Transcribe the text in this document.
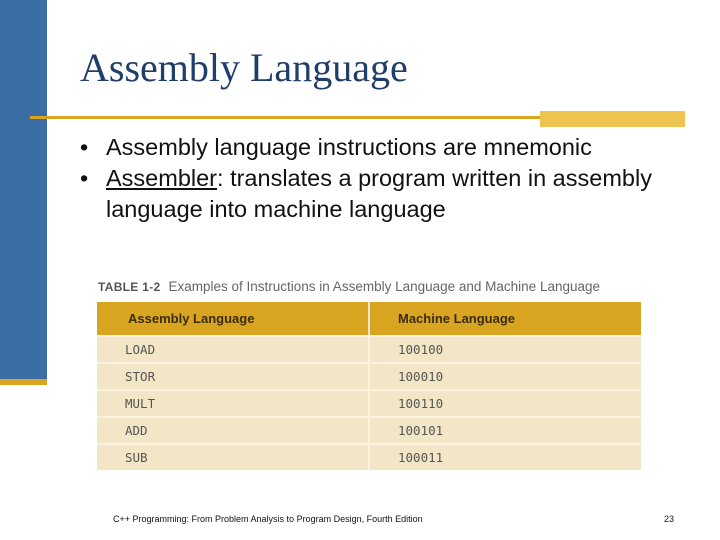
Assembly Language
• Assembly language instructions are mnemonic
• Assembler: translates a program written in assembly language into machine language
TABLE 1-2 Examples of Instructions in Assembly Language and Machine Language
Assembly Language	Machine Language
LOAD	100100
STOR	100010
MULT	100110
ADD	100101
SUB	100011
C++ Programming: From Problem Analysis to Program Design, Fourth Edition	23
